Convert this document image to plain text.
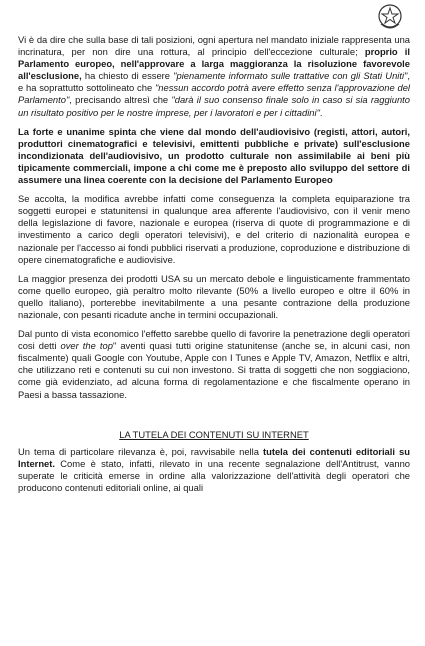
Vi è da dire che sulla base di tali posizioni, ogni apertura nel mandato iniziale rappresenta una incrinatura, per non dire una rottura, al principio dell'eccezione culturale; proprio il Parlamento europeo, nell'approvare a larga maggioranza la risoluzione favorevole all'esclusione, ha chiesto di essere "pienamente informato sulle trattative con gli Stati Uniti", e ha soprattutto sottolineato che "nessun accordo potrà avere effetto senza l'approvazione del Parlamento", precisando altresì che "darà il suo consenso finale solo in caso si sia raggiunto un risultato positivo per le nostre imprese, per i lavoratori e per i cittadini".

La forte e unanime spinta che viene dal mondo dell'audiovisivo (registi, attori, autori, produttori cinematografici e televisivi, emittenti pubbliche e private) sull'esclusione incondizionata dell'audiovisivo, un prodotto culturale non assimilabile ai beni più tipicamente commerciali, impone a chi come me è preposto allo sviluppo del settore di assumere una linea coerente con la decisione del Parlamento Europeo

Se accolta, la modifica avrebbe infatti come conseguenza la completa equiparazione tra soggetti europei e statunitensi in qualunque area afferente l'audiovisivo, con il venir meno della legislazione di favore, nazionale e europea (riserva di quote di programmazione e di investimento a carico degli operatori televisivi), e del criterio di nazionalità europea e nazionale per l'accesso ai fondi pubblici riservati a produzione, coproduzione e distribuzione di opere cinematografiche e audiovisive.

La maggior presenza dei prodotti USA su un mercato debole e linguisticamente frammentato come quello europeo, già peraltro molto rilevante (50% a livello europeo e oltre il 60% in quello italiano), porterebbe inevitabilmente a una pesante contrazione della produzione nazionale, con pesanti ricadute anche in termini occupazionali.

Dal punto di vista economico l'effetto sarebbe quello di favorire la penetrazione degli operatori cosi detti over the top" aventi quasi tutti origine statunitense (anche se, in alcuni casi, non fiscalmente) quali Google con Youtube, Apple con I Tunes e Apple TV, Amazon, Netflix e altri, che utilizzano reti e contenuti su cui non investono. Si tratta di soggetti che non soggiaciono, come già evidenziato, ad alcuna forma di regolamentazione e che fiscalmente operano in Paesi a bassa tassazione.

LA TUTELA DEI CONTENUTI SU INTERNET

Un tema di particolare rilevanza è, poi, ravvisabile nella tutela dei contenuti editoriali su Internet. Come è stato, infatti, rilevato in una recente segnalazione dell'Antitrust, vanno superate le criticità emerse in ordine alla valorizzazione dell'attività degli operatori che producono contenuti editoriali online, ai quali
